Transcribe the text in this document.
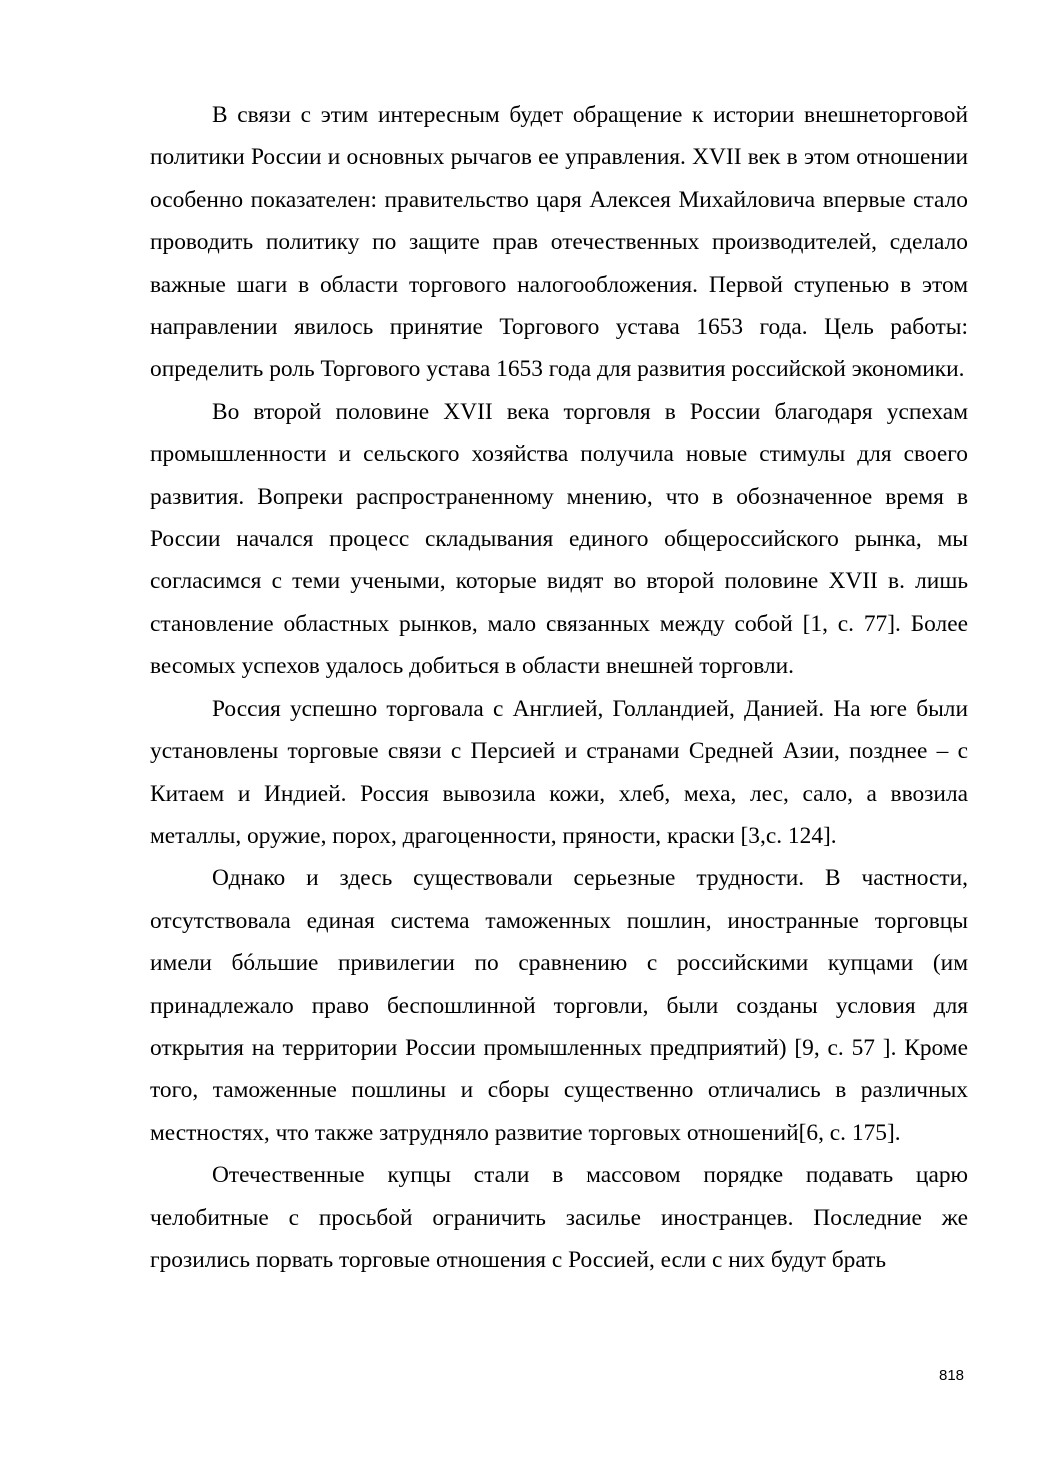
В связи с этим интересным будет обращение к истории внешнеторговой политики России и основных рычагов ее управления. XVII век в этом отношении особенно показателен: правительство царя Алексея Михайловича впервые стало проводить политику по защите прав отечественных производителей, сделало важные шаги в области торгового налогообложения. Первой ступенью в этом направлении явилось принятие Торгового устава 1653 года. Цель работы: определить роль Торгового устава 1653 года для развития российской экономики.

Во второй половине XVII века торговля в России благодаря успехам промышленности и сельского хозяйства получила новые стимулы для своего развития. Вопреки распространенному мнению, что в обозначенное время в России начался процесс складывания единого общероссийского рынка, мы согласимся с теми учеными, которые видят во второй половине XVII в. лишь становление областных рынков, мало связанных между собой [1, с. 77]. Более весомых успехов удалось добиться в области внешней торговли.

Россия успешно торговала с Англией, Голландией, Данией. На юге были установлены торговые связи с Персией и странами Средней Азии, позднее – с Китаем и Индией. Россия вывозила кожи, хлеб, меха, лес, сало, а ввозила металлы, оружие, порох, драгоценности, пряности, краски [3,с. 124].

Однако и здесь существовали серьезные трудности. В частности, отсутствовала единая система таможенных пошлин, иностранные торговцы имели бóльшие привилегии по сравнению с российскими купцами (им принадлежало право беспошлинной торговли, были созданы условия для открытия на территории России промышленных предприятий) [9, с. 57 ]. Кроме того, таможенные пошлины и сборы существенно отличались в различных местностях, что также затрудняло развитие торговых отношений[6, с. 175].

Отечественные купцы стали в массовом порядке подавать царю челобитные с просьбой ограничить засилье иностранцев. Последние же грозились порвать торговые отношения с Россией, если с них будут брать

818
